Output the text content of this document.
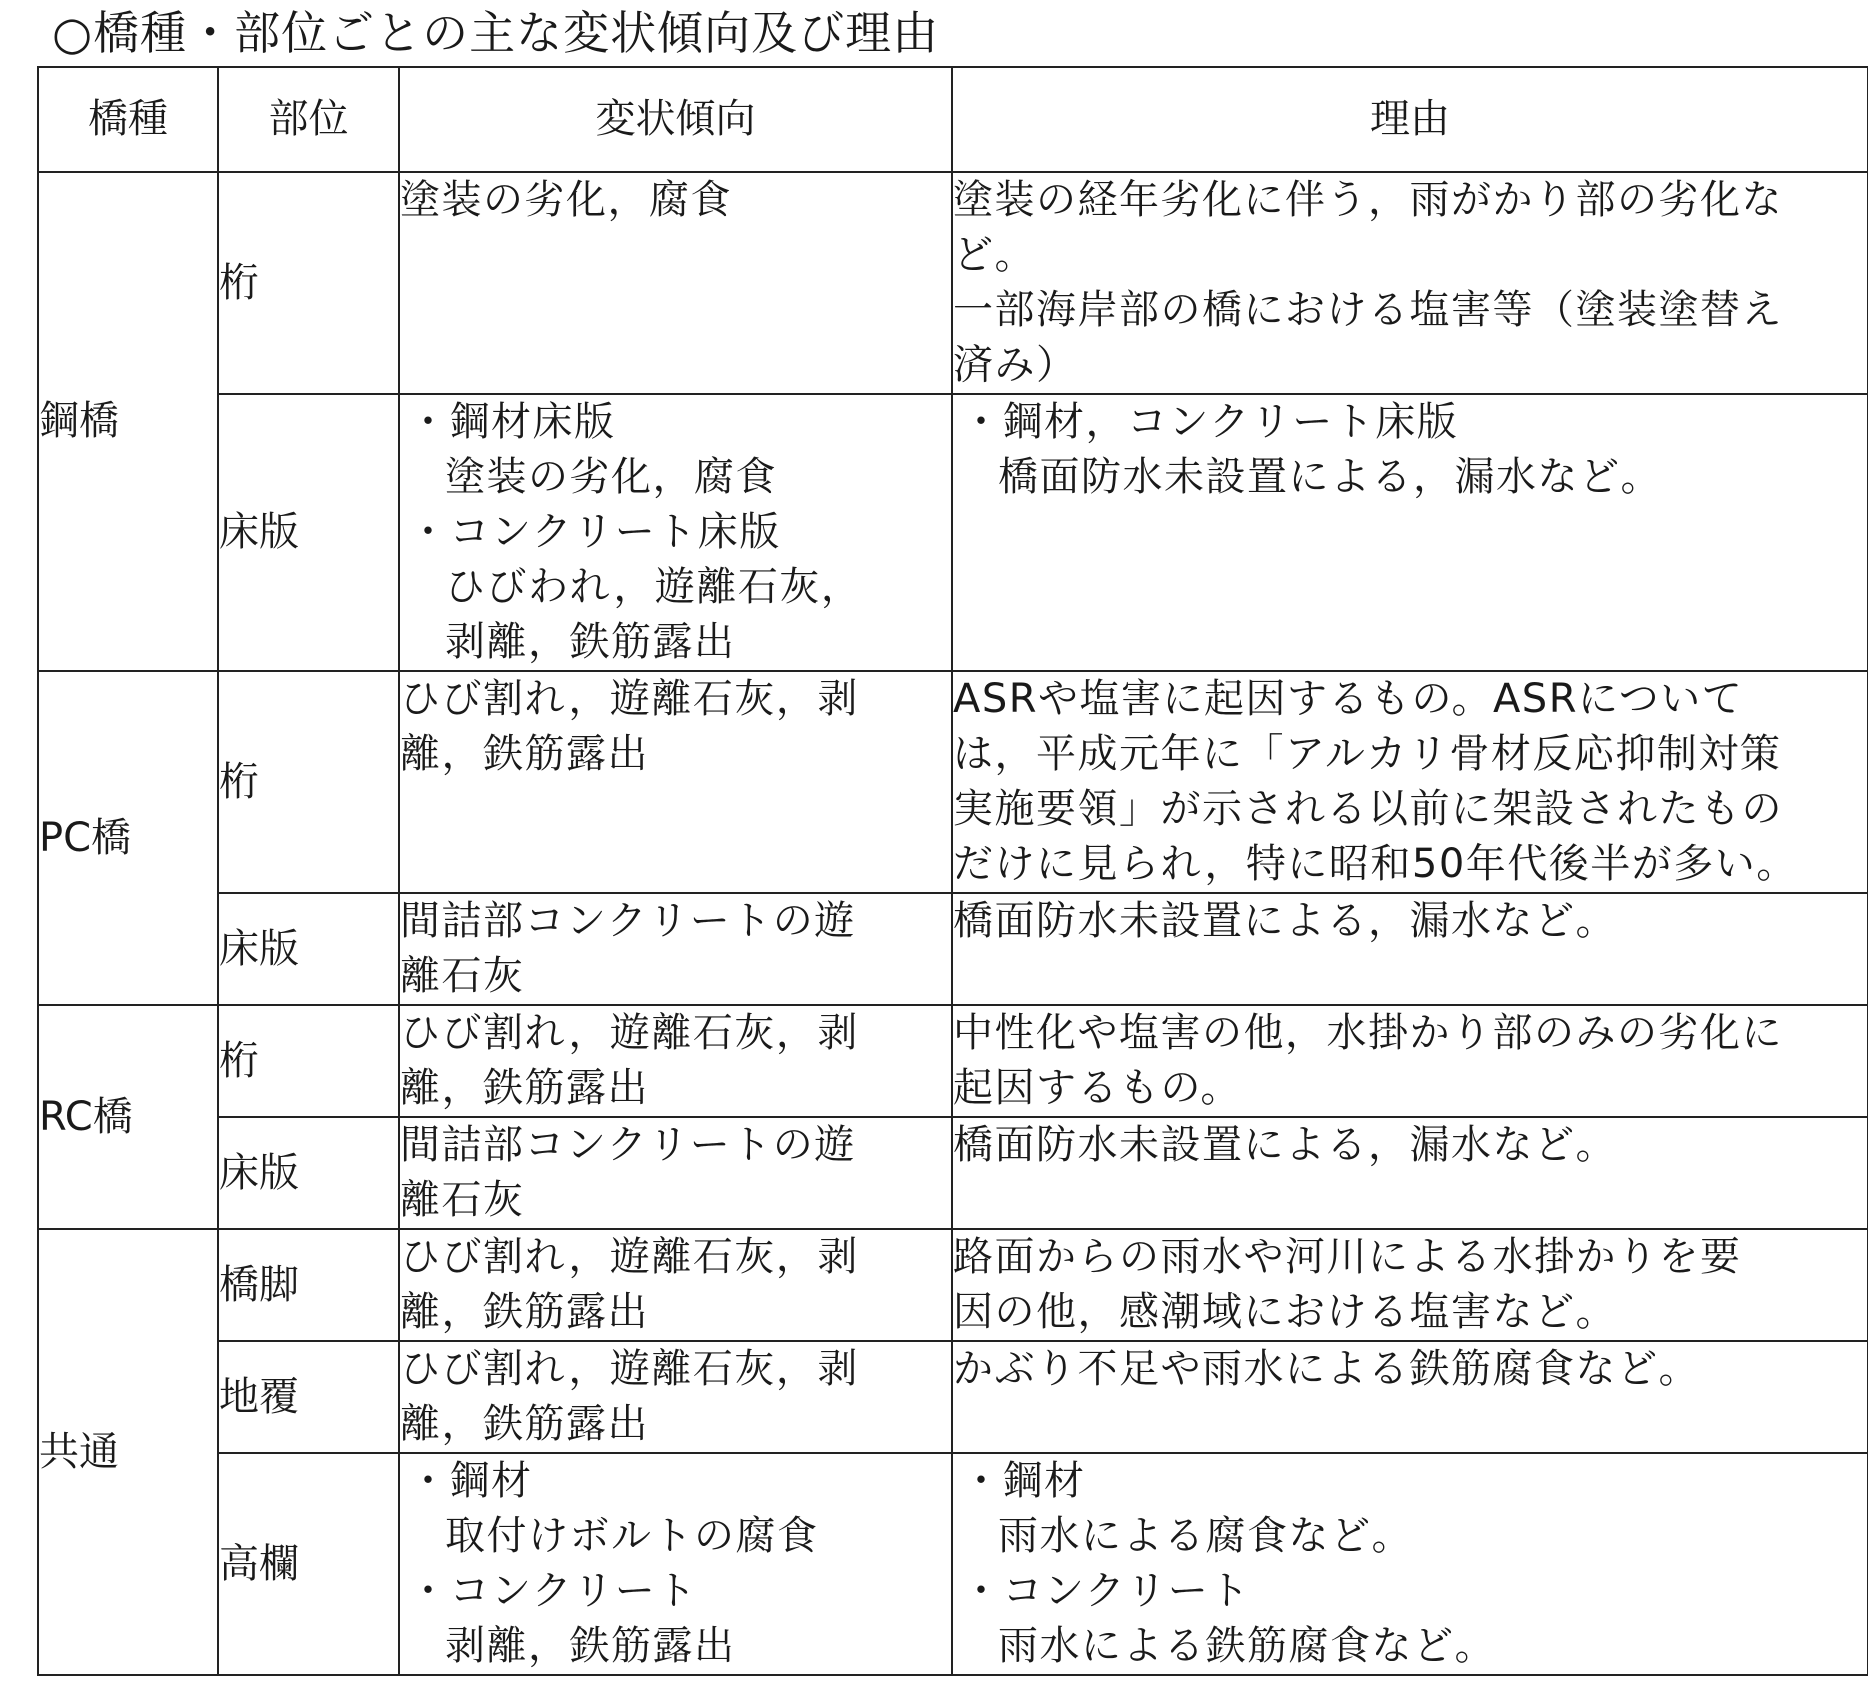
○橋種・部位ごとの主な変状傾向及び理由
橋種	部位	変状傾向	理由
鋼橋	桁	塗装の劣化，腐食	塗装の経年劣化に伴う，雨がかり部の劣化な
ど。
一部海岸部の橋における塩害等（塗装塗替え
済み）

	床版	・鋼材床版
塗装の劣化，腐食
・コンクリート床版
ひびわれ，遊離石灰，
剥離，鉄筋露出	・鋼材，コンクリート床版
橋面防水未設置による，漏水など。

PC橋	桁	ひび割れ，遊離石灰，剥
離，鉄筋露出	ASRや塩害に起因するもの。ASRについて
は，平成元年に「アルカリ骨材反応抑制対策
実施要領」が示される以前に架設されたもの
だけに見られ，特に昭和50年代後半が多い。

	床版	間詰部コンクリートの遊
離石灰	橋面防水未設置による，漏水など。

RC橋	桁	ひび割れ，遊離石灰，剥
離，鉄筋露出	中性化や塩害の他，水掛かり部のみの劣化に
起因するもの。

	床版	間詰部コンクリートの遊
離石灰	橋面防水未設置による，漏水など。

共通	橋脚	ひび割れ，遊離石灰，剥
離，鉄筋露出	路面からの雨水や河川による水掛かりを要
因の他，感潮域における塩害など。

	地覆	ひび割れ，遊離石灰，剥
離，鉄筋露出	かぶり不足や雨水による鉄筋腐食など。

	高欄	・鋼材
取付けボルトの腐食
・コンクリート
剥離，鉄筋露出	・鋼材
雨水による腐食など。
・コンクリート
雨水による鉄筋腐食など。
